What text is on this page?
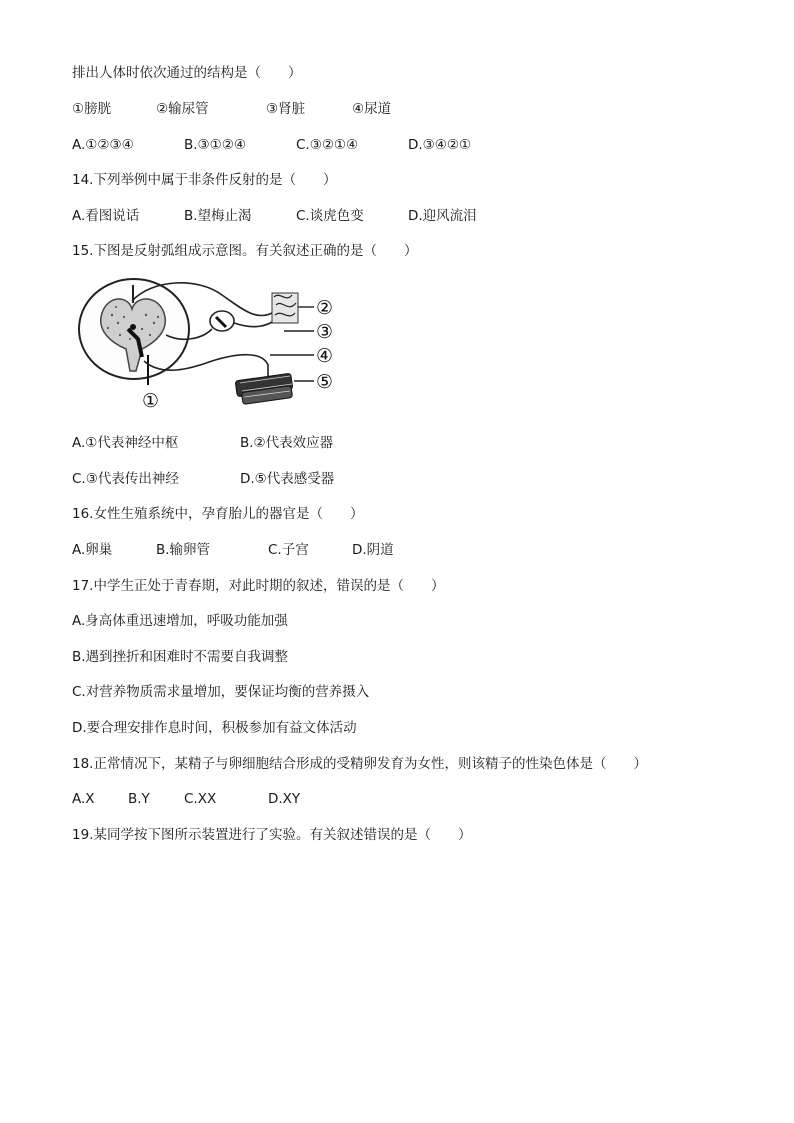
排出人体时依次通过的结构是（　　）
①膀胱	②输尿管	③肾脏	④尿道
A.①②③④	B.③①②④	C.③②①④	D.③④②①
14.下列举例中属于非条件反射的是（　　）
A.看图说话	B.望梅止渴	C.谈虎色变	D.迎风流泪
15.下图是反射弧组成示意图。有关叙述正确的是（　　）
①
②
③
④
⑤
A.①代表神经中枢	B.②代表效应器
C.③代表传出神经	D.⑤代表感受器
16.女性生殖系统中，孕育胎儿的器官是（　　）
A.卵巢	B.输卵管	C.子宫	D.阴道
17.中学生正处于青春期，对此时期的叙述，错误的是（　　）
A.身高体重迅速增加，呼吸功能加强
B.遇到挫折和困难时不需要自我调整
C.对营养物质需求量增加，要保证均衡的营养摄入
D.要合理安排作息时间，积极参加有益文体活动
18.正常情况下，某精子与卵细胞结合形成的受精卵发育为女性，则该精子的性染色体是（　　）
A.X B.Y	C.XX	D.XY
19.某同学按下图所示装置进行了实验。有关叙述错误的是（　　）
